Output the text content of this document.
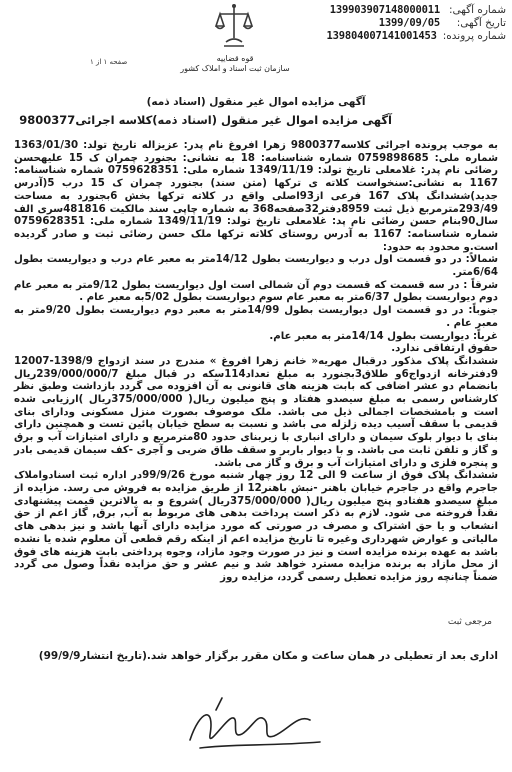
شماره آگهی:
139903907148000011
تاریخ آگهی:
1399/09/05
شماره پرونده:
139804007141001453
قوه قضاییه
سازمان ثبت اسناد و املاک کشور
صفحه ۱ از ۱
آگهی مزایده اموال غیر منقول (اسناد ذمه)
آگهی مزایده اموال غیر منقول (اسناد ذمه)کلاسه اجرائی9800377

به موجب پرونده اجرائی کلاسه9800377 زهرا افروغ نام پدر: عزیزاله تاریخ تولد: 1363/01/30 شماره ملی: 0759898685 شماره شناسنامه: 18 به نشانی: بجنورد چمران ک 15 علیهحسن رضائی نام پدر: غلامعلی تاریخ تولد: 1349/11/19 شماره ملی: 0759628351 شماره شناسنامه: 1167 به نشانی:سنخواست کلاته ی ترکها (متن سند) بجنورد چمران ک 15 درب 5(آدرس جدید)ششدانگ پلاک 167 فرعی از93اصلی واقع در کلاته ترکها بخش 6بجنورد به مساحت 293/49مترمربع ذیل ثبت 8959دفتر32صفحه368 به شماره چاپی سند مالکیت 481816سری الف سال90بنام حسن رضائی نام پد: غلامعلی تاریخ تولد: 1349/11/19 شماره ملی: 0759628351 شماره شناسنامه: 1167 به آدرس روستای کلاته ترکها ملک حسن رضائی ثبت و صادر گردیده است.و محدود به حدود:

شمالاً: در دو قسمت اول درب و دیواریست بطول 14/12متر به معبر عام درب و دیواریست بطول 6/64متر.

شرقاً : در سه قسمت که قسمت دوم آن شمالی است اول دیواریست بطول 9/12متر به معبر عام دوم دیواریست بطول 6/37متر به معبر عام سوم دیواریست بطول 5/02به معبر عام .

جنوباً: در دو قسمت اول دیواریست بطول 14/99متر به معبر دوم دیواریست بطول 9/20متر به معبر عام .

غرباً: دیواریست بطول 14/14متر به معبر عام.

حقوق ارتفاقی ندارد.

ششدانگ پلاک مذکور درقبال مهریه« خانم زهرا افروغ » مندرج در سند ازدواج 1398/9-12007 9دفترخانه ازدواج6و طلاق3بجنورد به مبلغ تعداد114سکه در قبال مبلغ 239/000/000/7ریال بانضمام دو عشر اضافی که بابت هزینه های قانونی به آن افزوده می گردد بازداشت وطبق نظر کارشناس رسمی به مبلغ سیصدو هفتاد و پنج میلیون ریال( 375/000/000ریال )ارزیابی شده است و بامشخصات اجمالی ذیل می باشد. ملک موصوف بصورت منزل مسکونی ودارای بنای قدیمی با سقف آسیب دیده زلزله می باشد و نسبت به سطح خیابان پائین تست و همچنین دارای بنای با دیوار بلوک سیمان و دارای انباری با زیربنای حدود 80مترمربع و دارای امتیازات آب و برق و گاز و تلفن ثابت می باشد. و با دیوار باربر و سقف طاق ضربی و آجری -کف سیمان قدیمی بادر و پنجره فلزی و دارای امتیازات آب و برق و گاز می باشد.

ششدانگ پلاک فوق از ساعت 9 الی 12 روز چهار شنبه مورخ 99/9/26در اداره ثبت اسنادواملاک جاجرم واقع در جاجرم خیابان باهنر -نبش باهنر12 از طریق مزایده به فروش می رسد. مزایده از مبلغ سیصدو هفتادو پنج میلیون ریال( 375/000/000ریال )شروع و به بالاترین قیمت پیشنهادی نقداً فروخته می شود. لازم به ذکر است پرداخت بدهی های مربوط به آب, برق, گاز اعم از حق انشعاب و یا حق اشتراک و مصرف در صورتی که مورد مزایده دارای آنها باشد و نیز بدهی های مالیاتی و عوارض شهرداری وغیره تا تاریخ مزایده اعم از اینکه رقم قطعی آن معلوم شده یا نشده باشد به عهده برنده مزایده است و نیز در صورت وجود مازاد، وجوه پرداختی بابت هزینه های فوق از محل مازاد به برنده مزایده مسترد خواهد شد و نیم عشر و حق مزایده نقداً وصول می گردد ضمناً چنانچه روز مزایده تعطیل رسمی گردد، مزایده روز

مرجعی ثبت
اداری بعد از تعطیلی در همان ساعت و مکان مقرر برگزار خواهد شد.(تاریخ انتشار99/9/9)
